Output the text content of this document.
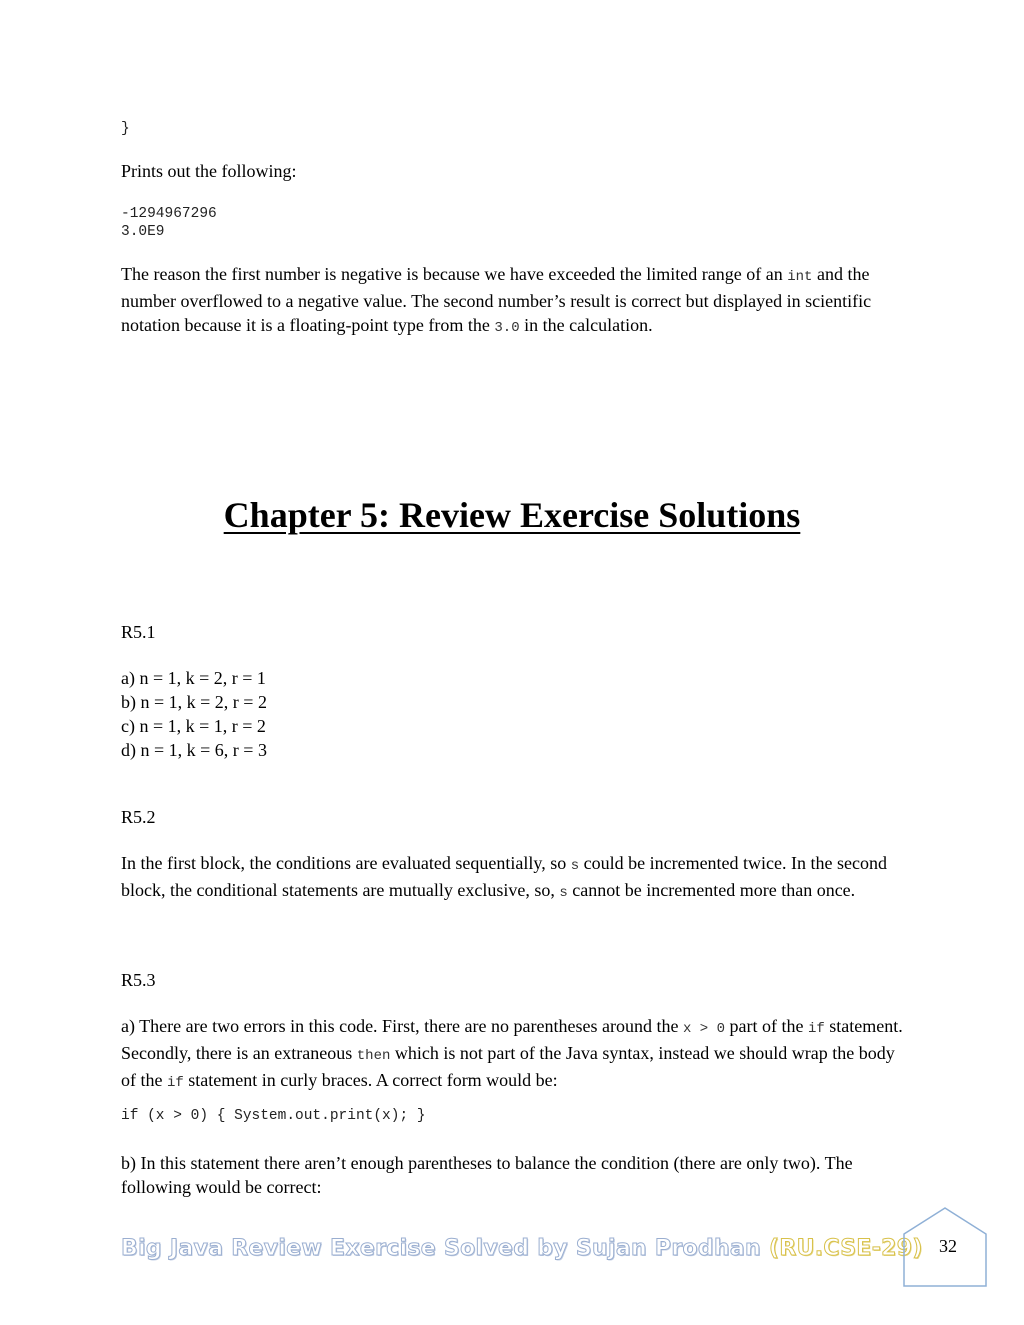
}

Prints out the following:

-1294967296
3.0E9

The reason the first number is negative is because we have exceeded the limited range of an int and the number overflowed to a negative value. The second number’s result is correct but displayed in scientific notation because it is a floating-point type from the 3.0 in the calculation.

Chapter 5: Review Exercise Solutions

R5.1

a) n = 1, k = 2, r = 1

b) n = 1, k = 2, r = 2

c) n = 1, k = 1, r = 2

d) n = 1, k = 6, r = 3

R5.2

In the first block, the conditions are evaluated sequentially, so s could be incremented twice. In the second block, the conditional statements are mutually exclusive, so, s cannot be incremented more than once.

R5.3

a) There are two errors in this code. First, there are no parentheses around the x > 0 part of the if statement. Secondly, there is an extraneous then which is not part of the Java syntax, instead we should wrap the body of the if statement in curly braces. A correct form would be:

if (x > 0) { System.out.print(x); }

b) In this statement there aren’t enough parentheses to balance the condition (there are only two). The following would be correct:

Big Java Review Exercise Solved by Sujan Prodhan (RU.CSE-29) 32
